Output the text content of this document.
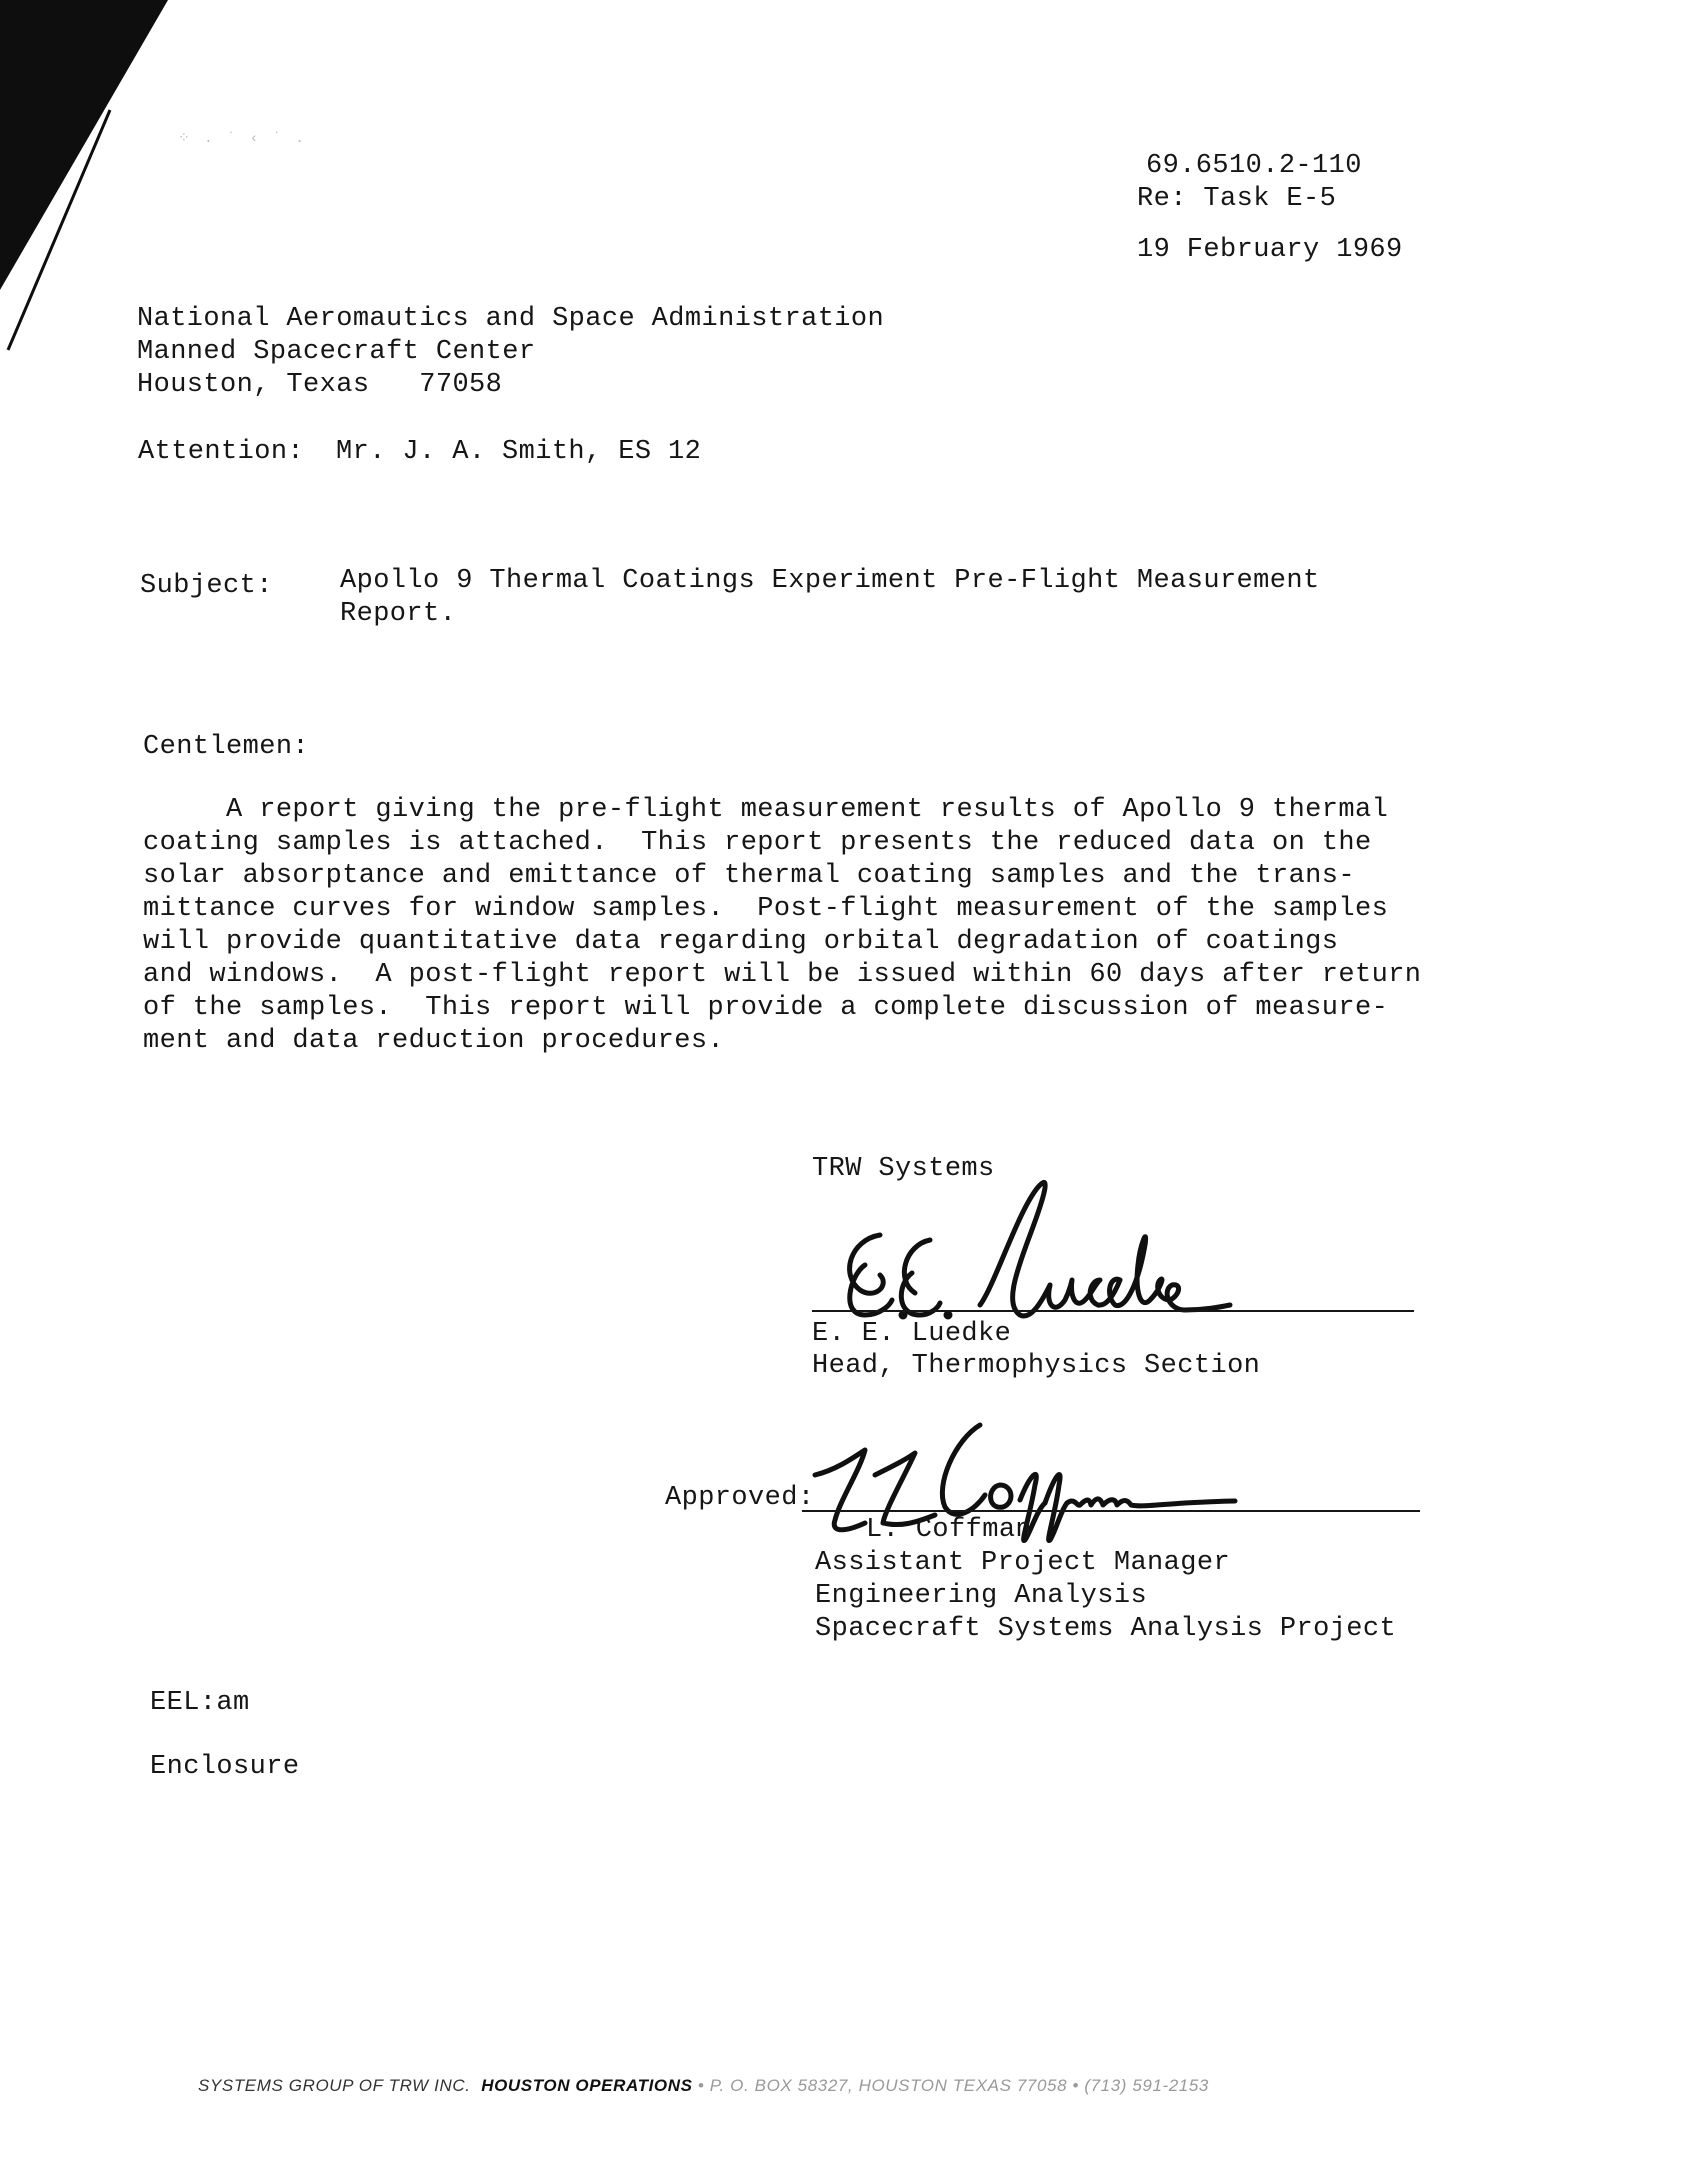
⁘ . ˙ ‹ ˙ .
69.6510.2-110
Re: Task E-5
19 February 1969
National Aeromautics and Space Administration
Manned Spacecraft Center
Houston, Texas   77058
Attention: Mr. J. A. Smith, ES 12
Subject: Apollo 9 Thermal Coatings Experiment Pre-Flight Measurement
Report.
Centlemen:
A report giving the pre-flight measurement results of Apollo 9 thermal
coating samples is attached.  This report presents the reduced data on the
solar absorptance and emittance of thermal coating samples and the trans-
mittance curves for window samples.  Post-flight measurement of the samples
will provide quantitative data regarding orbital degradation of coatings
and windows.  A post-flight report will be issued within 60 days after return
of the samples.  This report will provide a complete discussion of measure-
ment and data reduction procedures.
TRW Systems
E. E. Luedke
Head, Thermophysics Section
Approved:
L. Coffman
Assistant Project Manager
Engineering Analysis
Spacecraft Systems Analysis Project
EEL:am
Enclosure
SYSTEMS GROUP OF TRW INC. HOUSTON OPERATIONS • P. O. BOX 58327, HOUSTON TEXAS 77058 • (713) 591-2153
